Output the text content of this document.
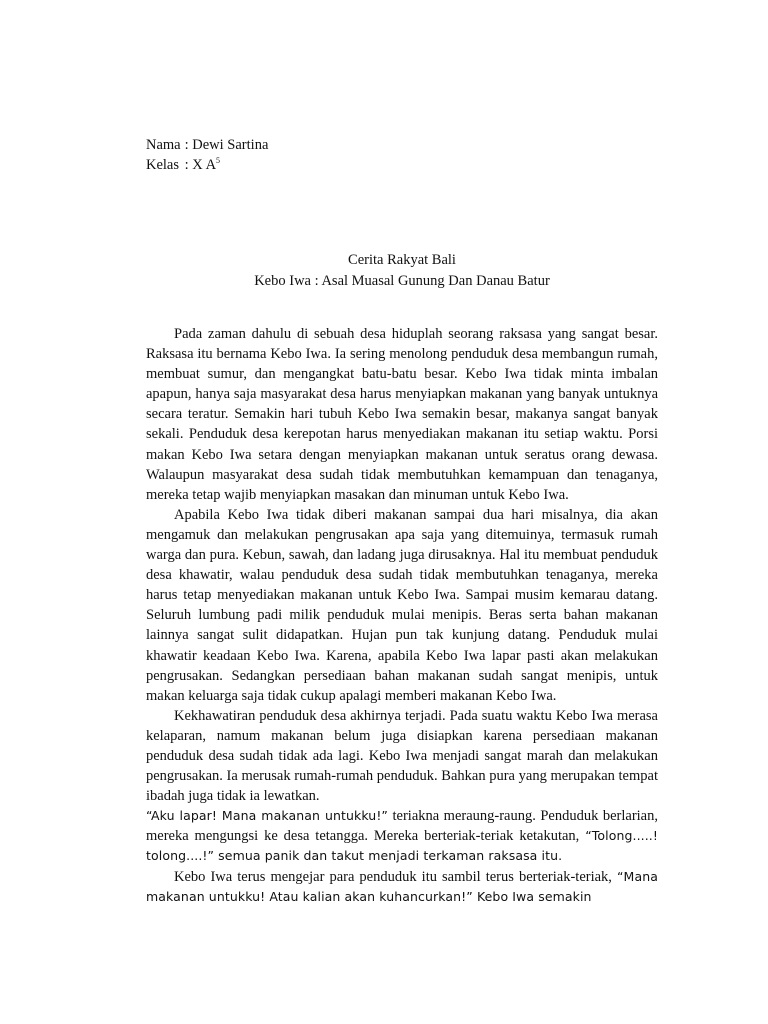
Nama : Dewi Sartina
Kelas : X $A^5$
Cerita Rakyat Bali
Kebo Iwa : Asal Muasal Gunung Dan Danau Batur

Pada zaman dahulu di sebuah desa hiduplah seorang raksasa yang sangat besar. Raksasa itu bernama Kebo Iwa. Ia sering menolong penduduk desa membangun rumah, membuat sumur, dan mengangkat batu-batu besar. Kebo Iwa tidak minta imbalan apapun, hanya saja masyarakat desa harus menyiapkan makanan yang banyak untuknya secara teratur. Semakin hari tubuh Kebo Iwa semakin besar, makanya sangat banyak sekali. Penduduk desa kerepotan harus menyediakan makanan itu setiap waktu. Porsi makan Kebo Iwa setara dengan menyiapkan makanan untuk seratus orang dewasa. Walaupun masyarakat desa sudah tidak membutuhkan kemampuan dan tenaganya, mereka tetap wajib menyiapkan masakan dan minuman untuk Kebo Iwa.

Apabila Kebo Iwa tidak diberi makanan sampai dua hari misalnya, dia akan mengamuk dan melakukan pengrusakan apa saja yang ditemuinya, termasuk rumah warga dan pura. Kebun, sawah, dan ladang juga dirusaknya. Hal itu membuat penduduk desa khawatir, walau penduduk desa sudah tidak membutuhkan tenaganya, mereka harus tetap menyediakan makanan untuk Kebo Iwa. Sampai musim kemarau datang. Seluruh lumbung padi milik penduduk mulai menipis. Beras serta bahan makanan lainnya sangat sulit didapatkan. Hujan pun tak kunjung datang. Penduduk mulai khawatir keadaan Kebo Iwa. Karena, apabila Kebo Iwa lapar pasti akan melakukan pengrusakan. Sedangkan persediaan bahan makanan sudah sangat menipis, untuk makan keluarga saja tidak cukup apalagi memberi makanan Kebo Iwa.

Kekhawatiran penduduk desa akhirnya terjadi. Pada suatu waktu Kebo Iwa merasa kelaparan, namum makanan belum juga disiapkan karena persediaan makanan penduduk desa sudah tidak ada lagi. Kebo Iwa menjadi sangat marah dan melakukan pengrusakan. Ia merusak rumah-rumah penduduk. Bahkan pura yang merupakan tempat ibadah juga tidak ia lewatkan.

“Aku lapar! Mana makanan untukku!” teriakna meraung-raung. Penduduk berlarian, mereka mengungsi ke desa tetangga. Mereka berteriak-teriak ketakutan, “Tolong.....! tolong....!” semua panik dan takut menjadi terkaman raksasa itu.

Kebo Iwa terus mengejar para penduduk itu sambil terus berteriak-teriak, “Mana makanan untukku! Atau kalian akan kuhancurkan!” Kebo Iwa semakin
